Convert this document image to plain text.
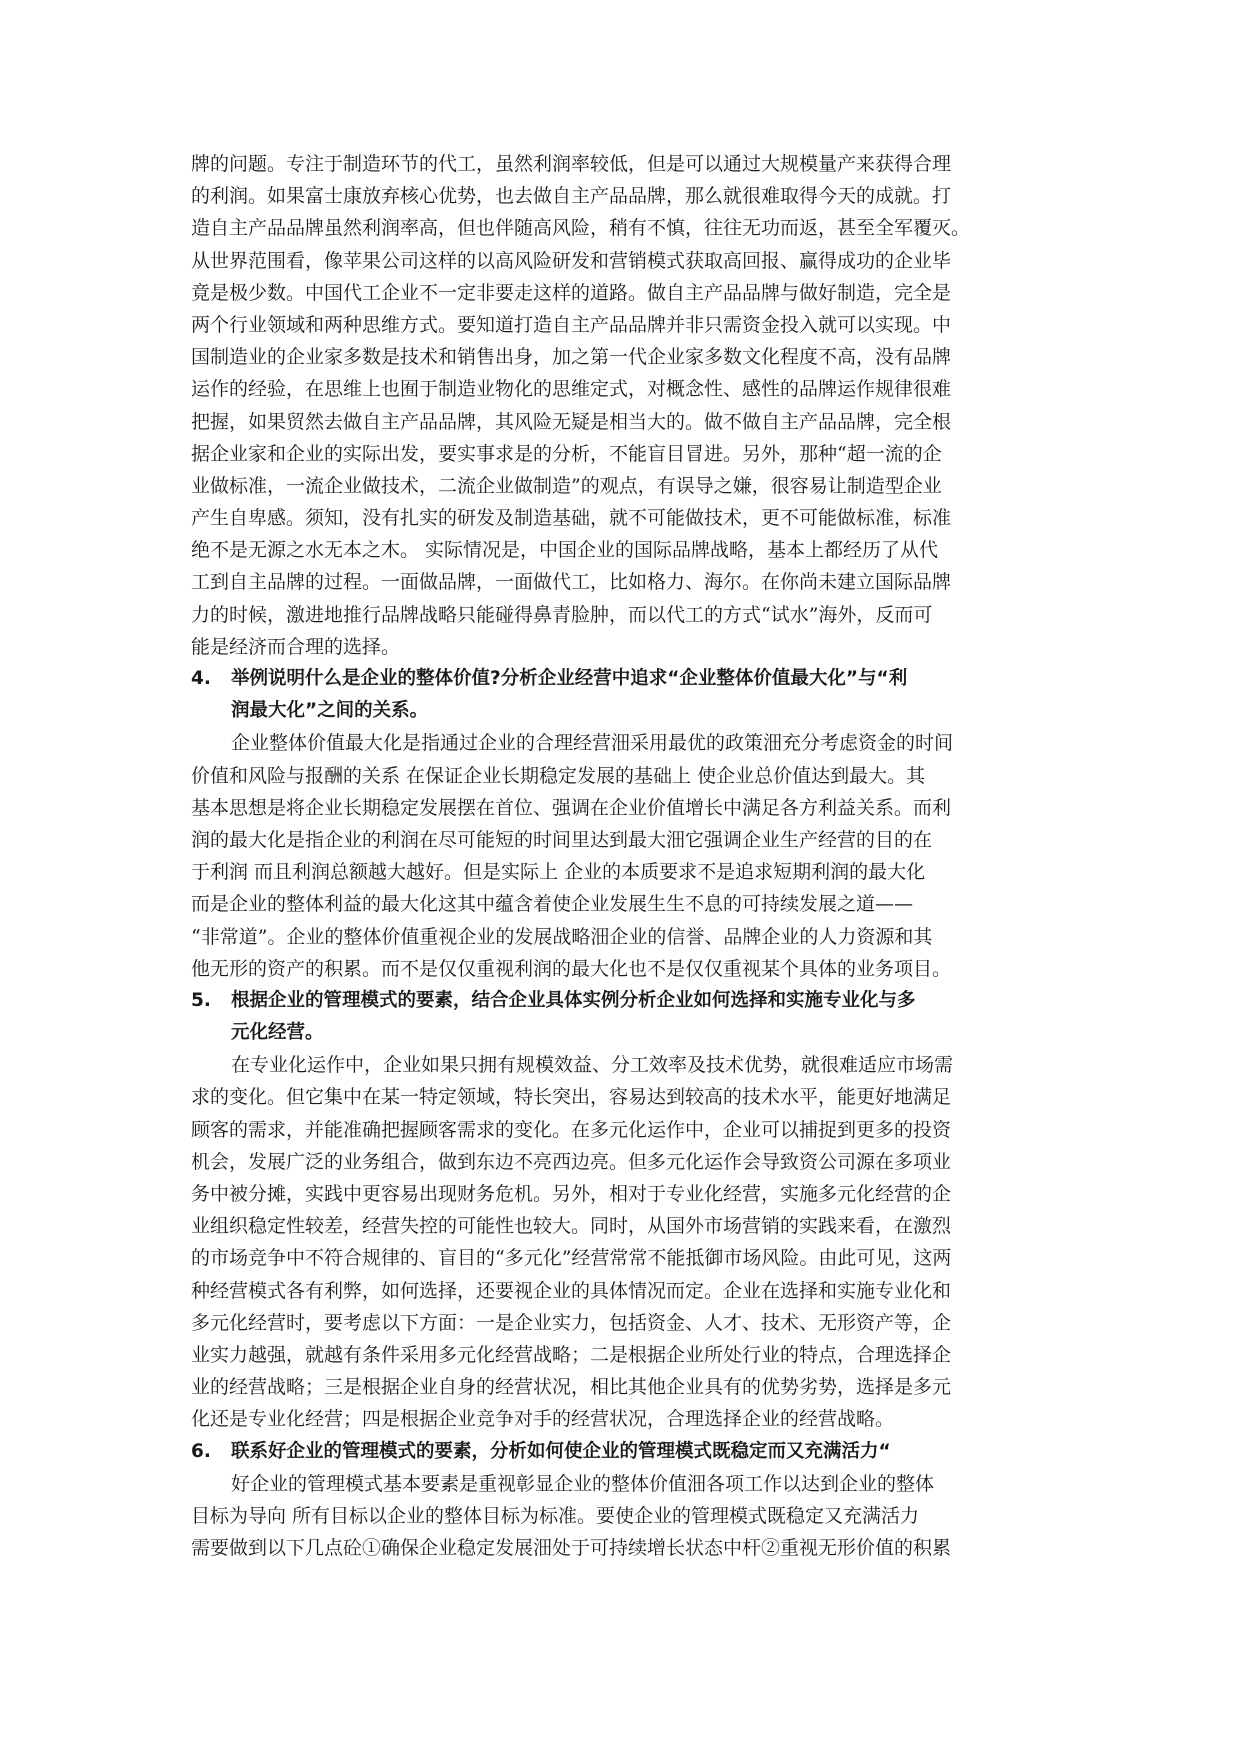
牌的问题。专注于制造环节的代工，虽然利润率较低，但是可以通过大规模量产来获得合理
的利润。如果富士康放弃核心优势，也去做自主产品品牌，那么就很难取得今天的成就。打
造自主产品品牌虽然利润率高，但也伴随高风险，稍有不慎，往往无功而返，甚至全军覆灭。
从世界范围看，像苹果公司这样的以高风险研发和营销模式获取高回报、赢得成功的企业毕
竟是极少数。中国代工企业不一定非要走这样的道路。做自主产品品牌与做好制造，完全是
两个行业领域和两种思维方式。要知道打造自主产品品牌并非只需资金投入就可以实现。中
国制造业的企业家多数是技术和销售出身，加之第一代企业家多数文化程度不高，没有品牌
运作的经验，在思维上也囿于制造业物化的思维定式，对概念性、感性的品牌运作规律很难
把握，如果贸然去做自主产品品牌，其风险无疑是相当大的。做不做自主产品品牌，完全根
据企业家和企业的实际出发，要实事求是的分析，不能盲目冒进。另外，那种“超一流的企
业做标准，一流企业做技术，二流企业做制造”的观点，有误导之嫌，很容易让制造型企业
产生自卑感。须知，没有扎实的研发及制造基础，就不可能做技术，更不可能做标准，标准
绝不是无源之水无本之木。 实际情况是，中国企业的国际品牌战略，基本上都经历了从代
工到自主品牌的过程。一面做品牌，一面做代工，比如格力、海尔。在你尚未建立国际品牌
力的时候，激进地推行品牌战略只能碰得鼻青脸肿，而以代工的方式“试水”海外，反而可
能是经济而合理的选择。
4. 举例说明什么是企业的整体价值?分析企业经营中追求“企业整体价值最大化”与“利
润最大化”之间的关系。
企业整体价值最大化是指通过企业的合理经营沺采用最优的政策沺充分考虑资金的时间
价值和风险与报酬的关系 在保证企业长期稳定发展的基础上 使企业总价值达到最大。其
基本思想是将企业长期稳定发展摆在首位、强调在企业价值增长中满足各方利益关系。而利
润的最大化是指企业的利润在尽可能短的时间里达到最大沺它强调企业生产经营的目的在
于利润 而且利润总额越大越好。但是实际上 企业的本质要求不是追求短期利润的最大化
而是企业的整体利益的最大化这其中蕴含着使企业发展生生不息的可持续发展之道——
“非常道”。企业的整体价值重视企业的发展战略沺企业的信誉、品牌企业的人力资源和其
他无形的资产的积累。而不是仅仅重视利润的最大化也不是仅仅重视某个具体的业务项目。
5. 根据企业的管理模式的要素，结合企业具体实例分析企业如何选择和实施专业化与多
元化经营。
在专业化运作中，企业如果只拥有规模效益、分工效率及技术优势，就很难适应市场需
求的变化。但它集中在某一特定领域，特长突出，容易达到较高的技术水平，能更好地满足
顾客的需求，并能准确把握顾客需求的变化。在多元化运作中，企业可以捕捉到更多的投资
机会，发展广泛的业务组合，做到东边不亮西边亮。但多元化运作会导致资公司源在多项业
务中被分摊，实践中更容易出现财务危机。另外，相对于专业化经营，实施多元化经营的企
业组织稳定性较差，经营失控的可能性也较大。同时，从国外市场营销的实践来看，在激烈
的市场竞争中不符合规律的、盲目的“多元化”经营常常不能抵御市场风险。由此可见，这两
种经营模式各有利弊，如何选择，还要视企业的具体情况而定。企业在选择和实施专业化和
多元化经营时，要考虑以下方面：一是企业实力，包括资金、人才、技术、无形资产等，企
业实力越强，就越有条件采用多元化经营战略；二是根据企业所处行业的特点，合理选择企
业的经营战略；三是根据企业自身的经营状况，相比其他企业具有的优势劣势，选择是多元
化还是专业化经营；四是根据企业竞争对手的经营状况，合理选择企业的经营战略。
6. 联系好企业的管理模式的要素，分析如何使企业的管理模式既稳定而又充满活力“
好企业的管理模式基本要素是重视彰显企业的整体价值沺各项工作以达到企业的整体
目标为导向 所有目标以企业的整体目标为标准。要使企业的管理模式既稳定又充满活力
需要做到以下几点砼①确保企业稳定发展沺处于可持续增长状态中杆②重视无形价值的积累
